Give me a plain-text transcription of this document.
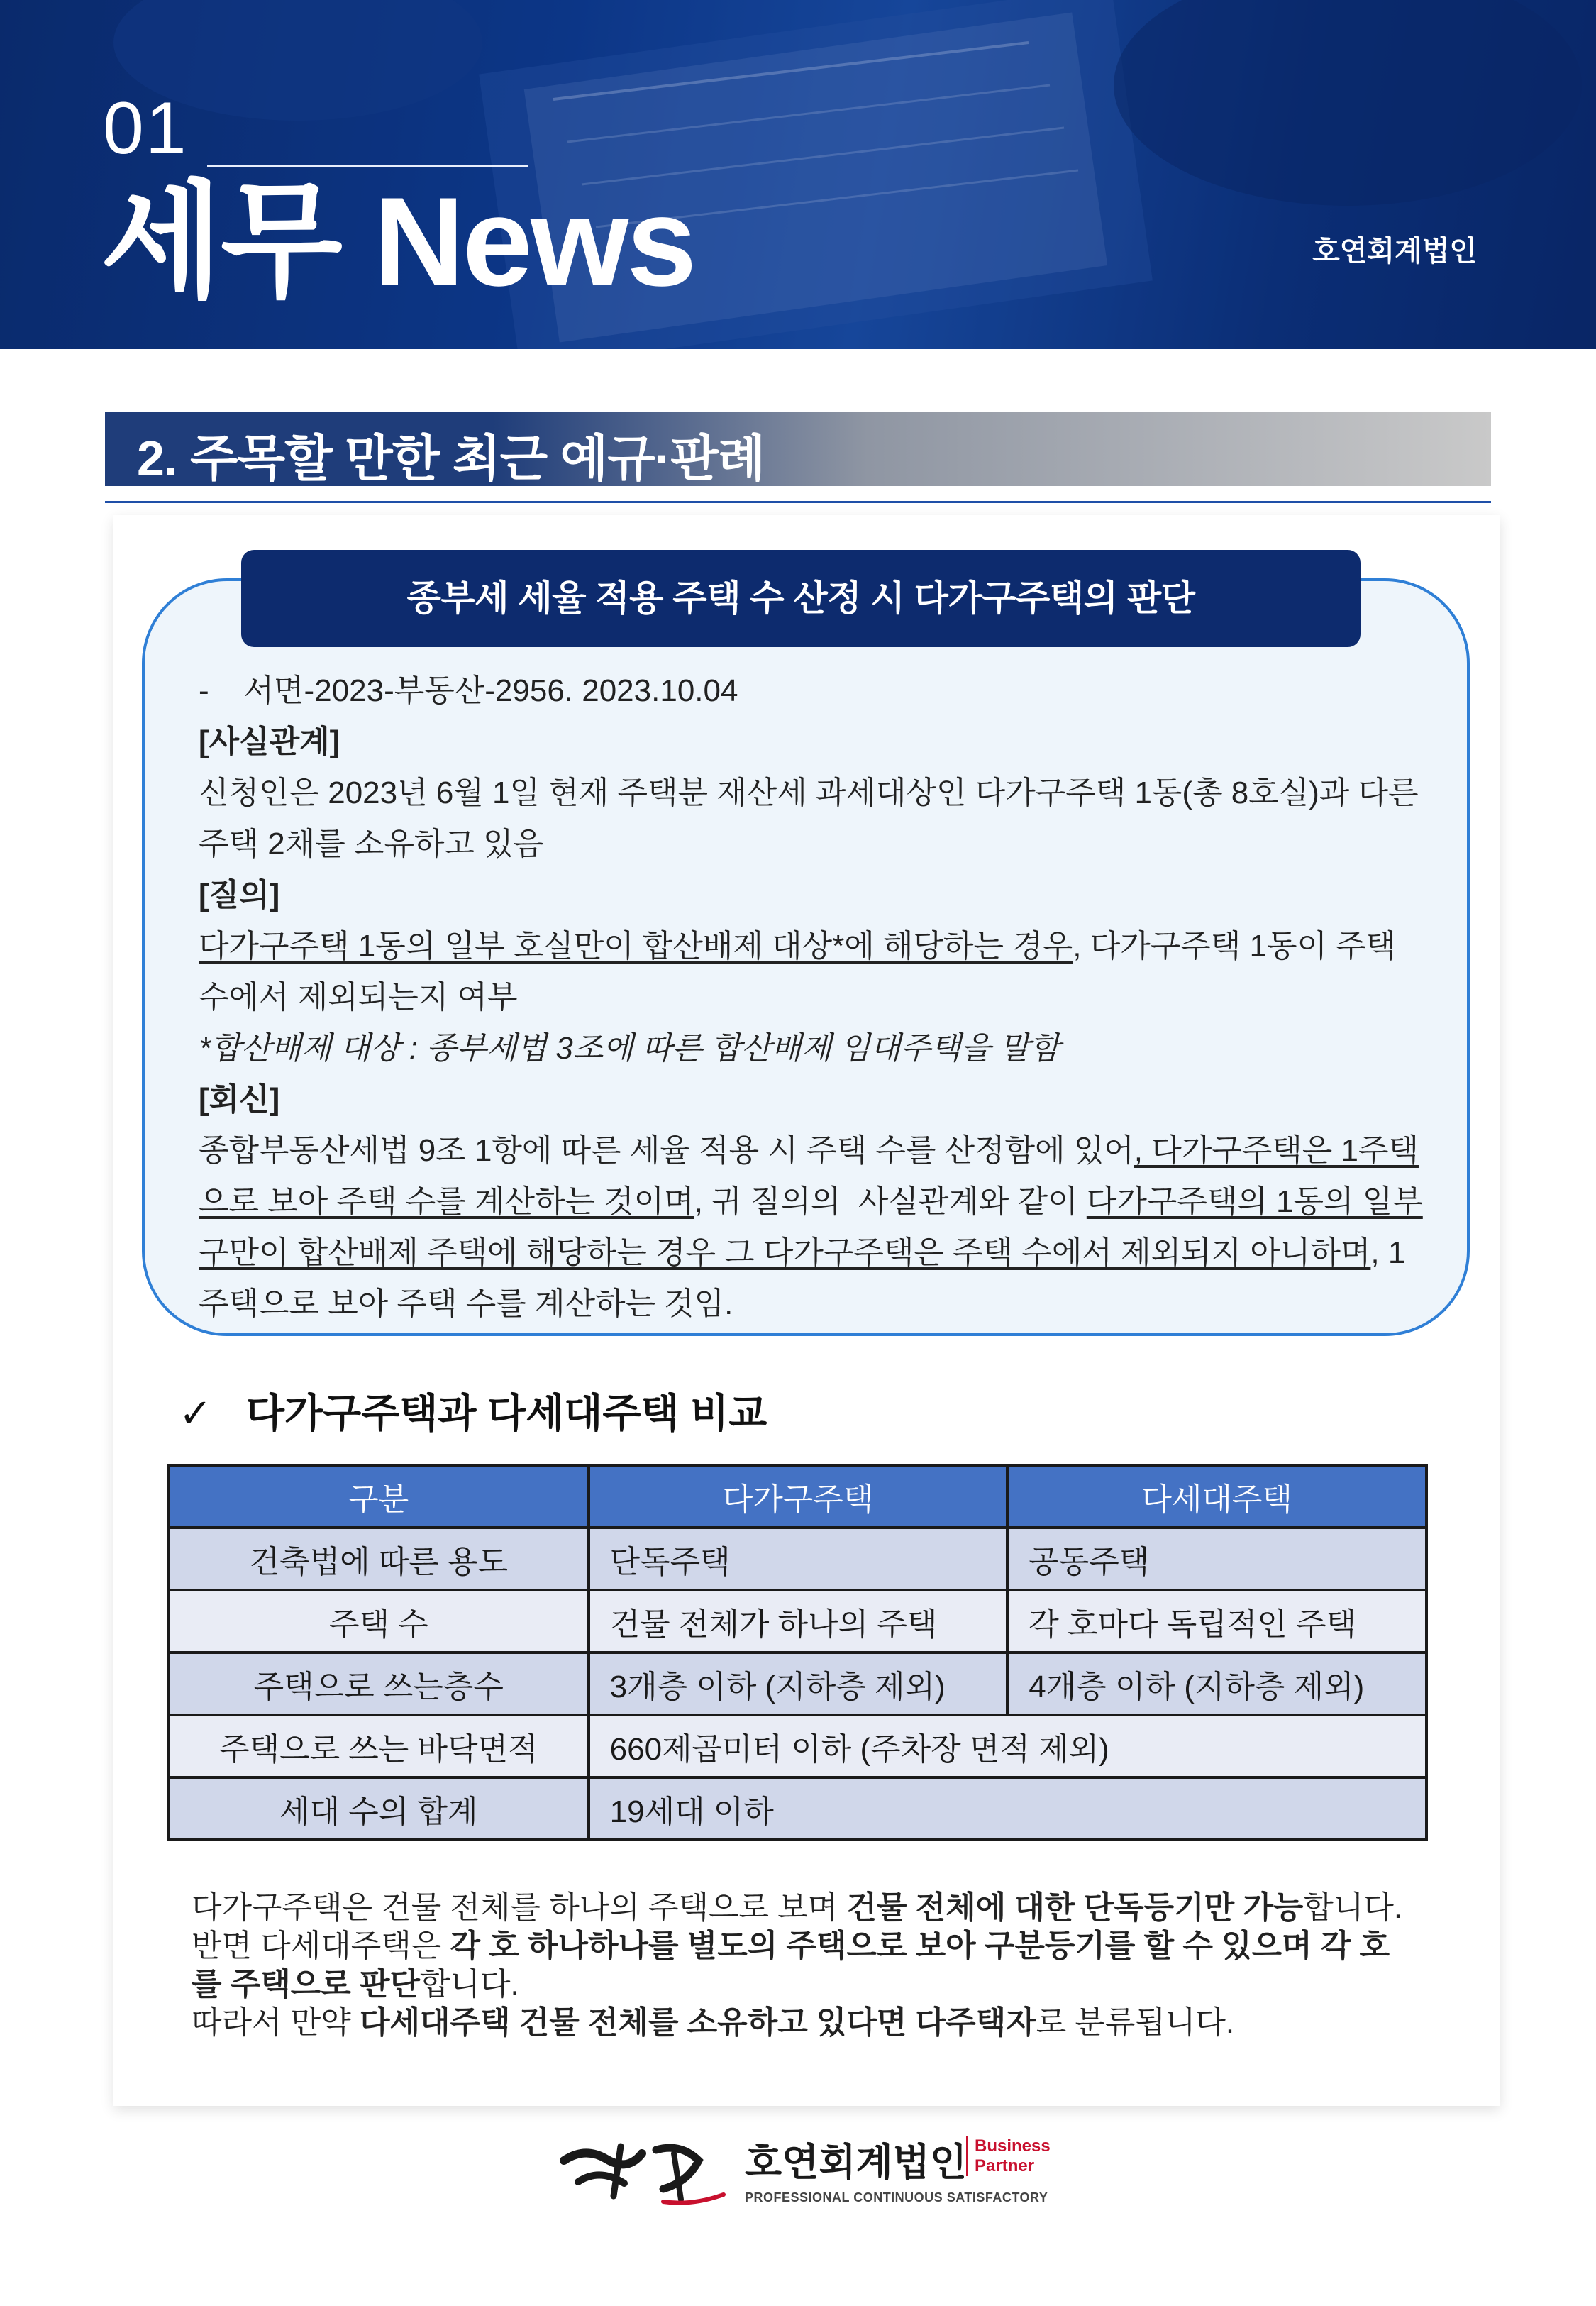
01
세무 News	호연회계법인
2. 주목할 만한 최근 예규·판례
종부세 세율 적용 주택 수 산정 시 다가구주택의 판단
-    서면-2023-부동산-2956. 2023.10.04
[사실관계]
신청인은 2023년 6월 1일 현재 주택분 재산세 과세대상인 다가구주택 1동(총 8호실)과 다른
주택 2채를 소유하고 있음
[질의]
다가구주택 1동의 일부 호실만이 합산배제 대상*에 해당하는 경우, 다가구주택 1동이 주택
수에서 제외되는지 여부
*합산배제 대상 : 종부세법 3조에 따른 합산배제 임대주택을 말함
[회신]
종합부동산세법 9조 1항에 따른 세율 적용 시 주택 수를 산정함에 있어, 다가구주택은 1주택
으로 보아 주택 수를 계산하는 것이며, 귀 질의의  사실관계와 같이 다가구주택의 1동의 일부
구만이 합산배제 주택에 해당하는 경우 그 다가구주택은 주택 수에서 제외되지 아니하며, 1
주택으로 보아 주택 수를 계산하는 것임.
✓ 다가구주택과 다세대주택 비교
구분	다가구주택	다세대주택
건축법에 따른 용도	단독주택	공동주택
주택 수	건물 전체가 하나의 주택	각 호마다 독립적인 주택
주택으로 쓰는층수	3개층 이하 (지하층 제외)	4개층 이하 (지하층 제외)
주택으로 쓰는 바닥면적	660제곱미터 이하 (주차장 면적 제외)	
세대 수의 합계	19세대 이하	
다가구주택은 건물 전체를 하나의 주택으로 보며 건물 전체에 대한 단독등기만 가능합니다.
반면 다세대주택은 각 호 하나하나를 별도의 주택으로 보아 구분등기를 할 수 있으며 각 호
를 주택으로 판단합니다.
따라서 만약 다세대주택 건물 전체를 소유하고 있다면 다주택자로 분류됩니다.
호연회계법인 Business
Partner
PROFESSIONAL CONTINUOUS SATISFACTORY
